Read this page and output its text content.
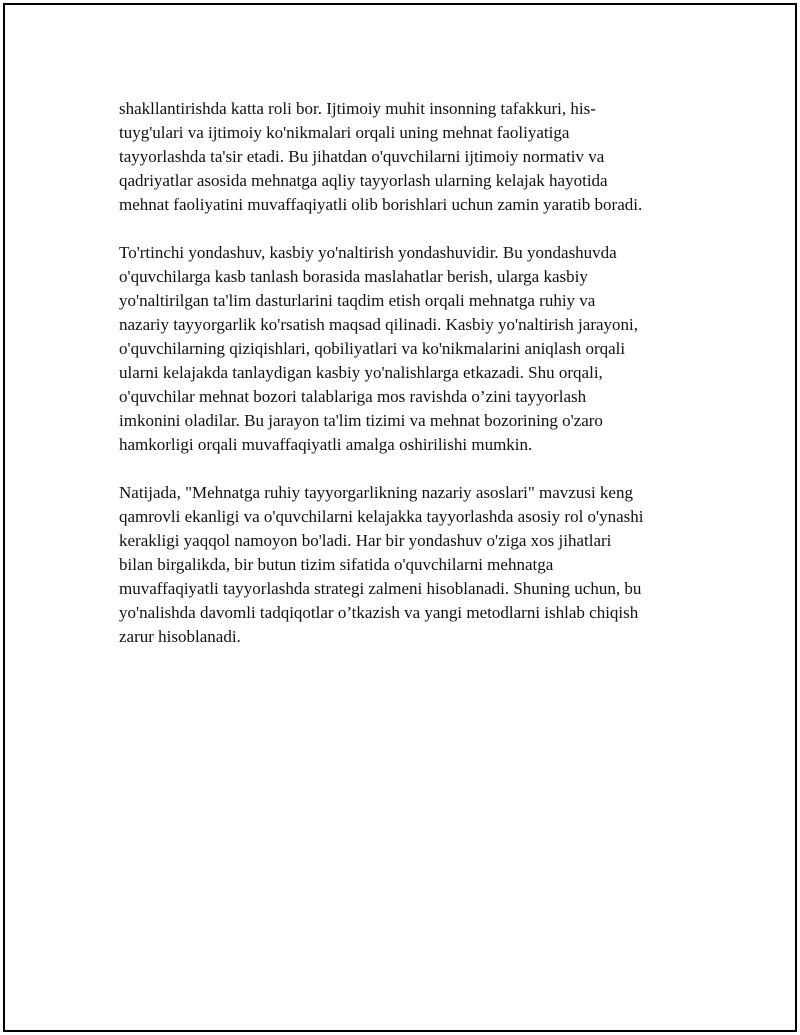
shakllantirishda katta roli bor. Ijtimoiy muhit insonning tafakkuri, his-
tuyg'ulari va ijtimoiy ko'nikmalari orqali uning mehnat faoliyatiga
tayyorlashda ta'sir etadi. Bu jihatdan o'quvchilarni ijtimoiy normativ va
qadriyatlar asosida mehnatga aqliy tayyorlash ularning kelajak hayotida
mehnat faoliyatini muvaffaqiyatli olib borishlari uchun zamin yaratib boradi.

To'rtinchi yondashuv, kasbiy yo'naltirish yondashuvidir. Bu yondashuvda
o'quvchilarga kasb tanlash borasida maslahatlar berish, ularga kasbiy
yo'naltirilgan ta'lim dasturlarini taqdim etish orqali mehnatga ruhiy va
nazariy tayyorgarlik ko'rsatish maqsad qilinadi. Kasbiy yo'naltirish jarayoni,
o'quvchilarning qiziqishlari, qobiliyatlari va ko'nikmalarini aniqlash orqali
ularni kelajakda tanlaydigan kasbiy yo'nalishlarga etkazadi. Shu orqali,
o'quvchilar mehnat bozori talablariga mos ravishda o’zini tayyorlash
imkonini oladilar. Bu jarayon ta'lim tizimi va mehnat bozorining o'zaro
hamkorligi orqali muvaffaqiyatli amalga oshirilishi mumkin.

Natijada, "Mehnatga ruhiy tayyorgarlikning nazariy asoslari" mavzusi keng
qamrovli ekanligi va o'quvchilarni kelajakka tayyorlashda asosiy rol o'ynashi
kerakligi yaqqol namoyon bo'ladi. Har bir yondashuv o'ziga xos jihatlari
bilan birgalikda, bir butun tizim sifatida o'quvchilarni mehnatga
muvaffaqiyatli tayyorlashda strategi zalmeni hisoblanadi. Shuning uchun, bu
yo'nalishda davomli tadqiqotlar o’tkazish va yangi metodlarni ishlab chiqish
zarur hisoblanadi.
